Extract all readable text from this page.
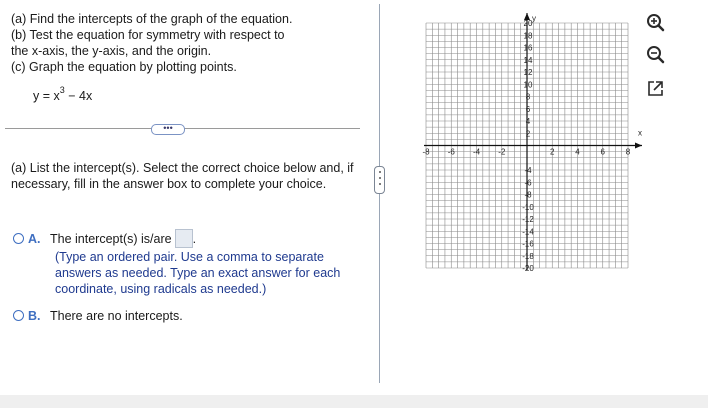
(a) Find the intercepts of the graph of the equation.
(b) Test the equation for symmetry with respect to
the x-axis, the y-axis, and the origin.
(c) Graph the equation by plotting points.
$y = x^3 - 4x$
•••
(a) List the intercept(s). Select the correct choice below and, if necessary, fill in the answer box to complete your choice.
A. The intercept(s) is/are .
(Type an ordered pair. Use a comma to separate answers as needed. Type an exact answer for each coordinate, using radicals as needed.)
B. There are no intercepts.
x
y
-8 -6 -4 -2	2	4	6	8
20
18
16
14
12
10
8
6
4
2
-4
-6
-8
-10
-12
-14
-16
-18
-20
